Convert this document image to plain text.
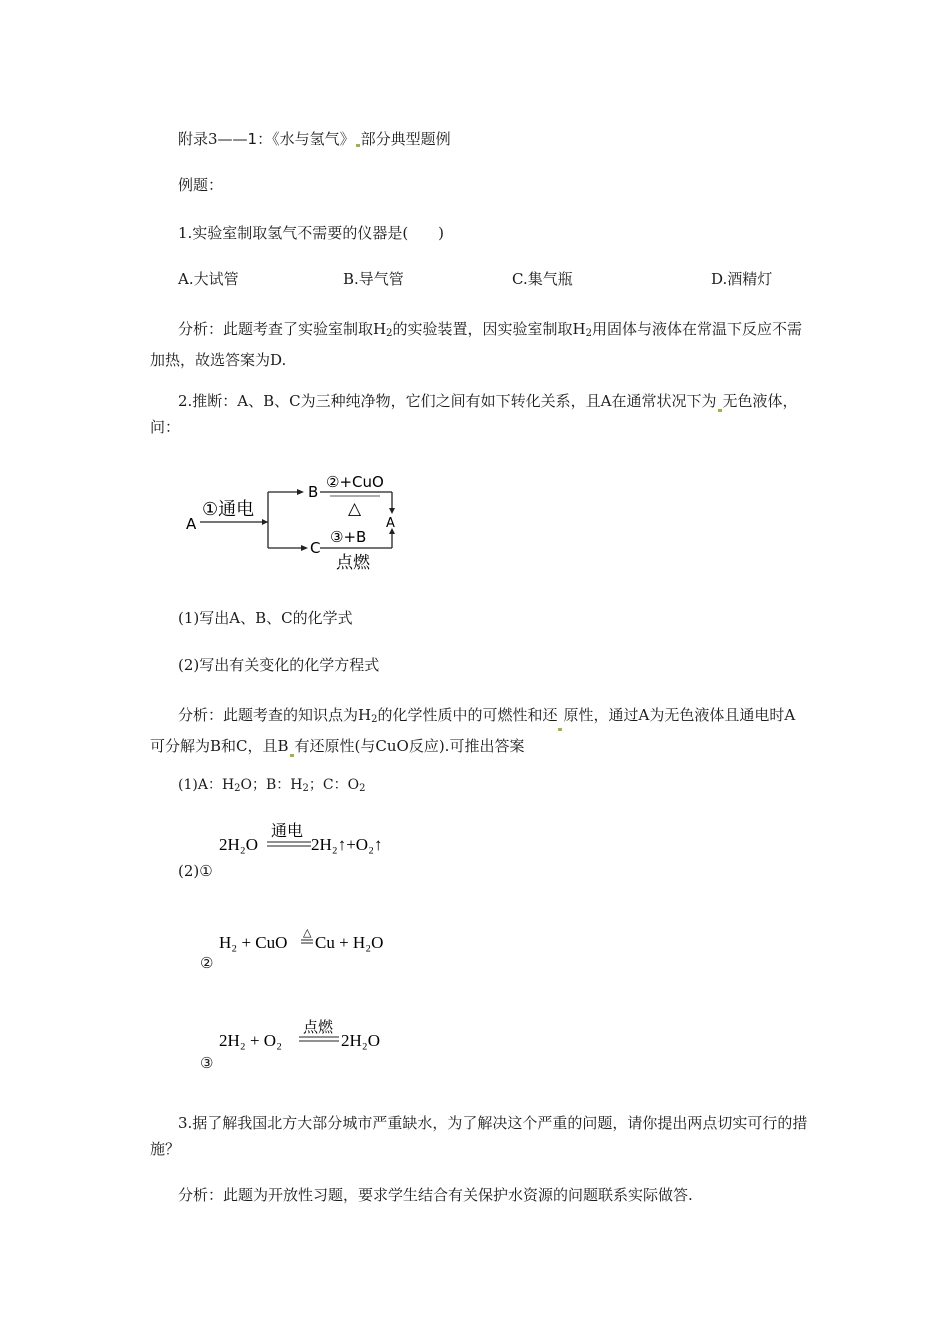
附录3——1：《水与氢气》 部分典型题例
例题：
1.实验室制取氢气不需要的仪器是(　　)
A.大试管	B.导气管	C.集气瓶	D.酒精灯
分析：此题考查了实验室制取$H_2$的实验装置，因实验室制取$H_2$用固体与液体在常温下反应不需加热，故选答案为D.
2.推断：A、B、C为三种纯净物，它们之间有如下转化关系，且A在通常状况下为 无色液体，问：
A
①通电
B
C
②+CuO
△
③+B
点燃
A
(1)写出A、B、C的化学式
(2)写出有关变化的化学方程式
分析：此题考查的知识点为$H_2$的化学性质中的可燃性和还 原性，通过A为无色液体且通电时A可分解为B和C，且B 有还原性(与CuO反应).可推出答案
(1)A：$H_2O$；B：$H_2$；C：$O_2$
2H₂O
通电
2H₂↑+O₂↑
(2)①
H₂ + CuO △ Cu + H₂O
②
2H₂ + O₂
点燃
2H₂O
③
3.据了解我国北方大部分城市严重缺水，为了解决这个严重的问题，请你提出两点切实可行的措施？
分析：此题为开放性习题，要求学生结合有关保护水资源的问题联系实际做答.
